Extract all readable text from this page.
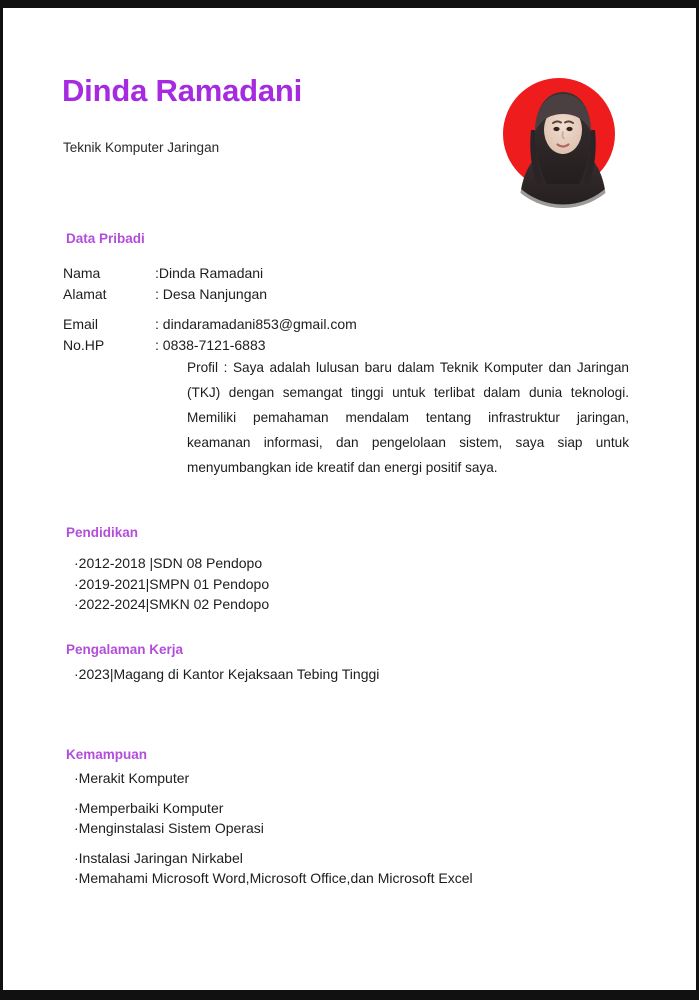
Dinda Ramadani
Teknik Komputer Jaringan
Data Pribadi
Nama	:Dinda Ramadani
Alamat	: Desa Nanjungan
Email	: dindaramadani853@gmail.com
No.HP	: 0838-7121-6883
Profil : Saya adalah lulusan baru dalam Teknik Komputer dan Jaringan (TKJ) dengan semangat tinggi untuk terlibat dalam dunia teknologi. Memiliki pemahaman mendalam tentang infrastruktur jaringan, keamanan informasi, dan pengelolaan sistem, saya siap untuk menyumbangkan ide kreatif dan energi positif saya.
Pendidikan
·2012-2018 |SDN 08 Pendopo
·2019-2021|SMPN 01 Pendopo
·2022-2024|SMKN 02 Pendopo
Pengalaman Kerja
·2023|Magang di Kantor Kejaksaan Tebing Tinggi
Kemampuan
·Merakit Komputer
·Memperbaiki Komputer
·Menginstalasi Sistem Operasi
·Instalasi Jaringan Nirkabel
·Memahami Microsoft Word,Microsoft Office,dan Microsoft Excel
